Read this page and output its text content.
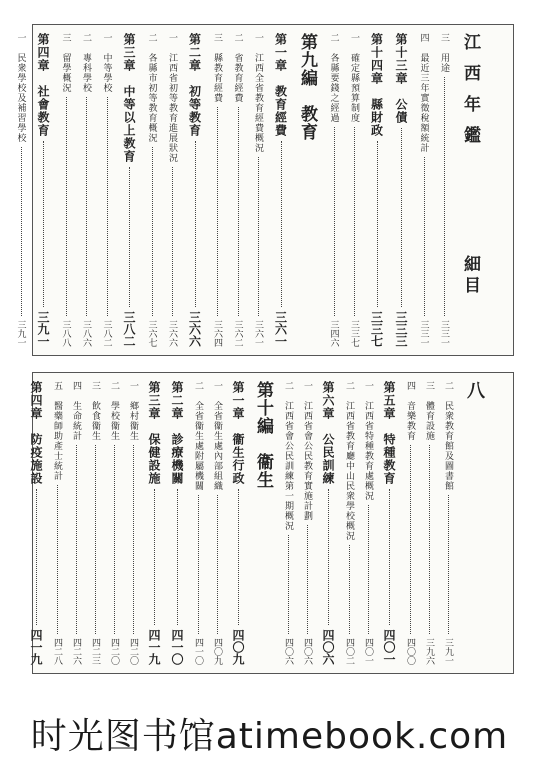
江西年鑑
細目
三　用途
三三一
四　最近三年實徵稅額統計
三三一
第十三章　公債
三三三
第十四章　縣財政
三三七
一　確定縣預算制度
三三七
二　各縣要錢之經過
三四六
第九編　教育
第一章　教育經費
三六一
一　江西全省教育經費概況
三六一
二　省教育經費
三六二
三　縣教育經費
三六四
第二章　初等教育
三六六
一　江西省初等教育進展狀況
三六六
二　各縣市初等教育概況
三六七
第三章　中等以上教育
三八二
一　中等學校
三八二
二　專科學校
三八六
三　留學概況
三八八
第四章　社會教育
三九一
一　民衆學校及補習學校
三九一
八
二　民衆教育館及圖書館
三九一
三　體育設施
三九六
四　音樂教育
四〇〇
第五章　特種教育
四〇一
一　江西省特種教育處概況
四〇一
二　江西省教育廳中山民衆學校概況
四〇二
第六章　公民訓練
四〇六
一　江西省會公民教育實施計劃
四〇六
二　江西省會公民訓練第一期概況
四〇六
第十編　衞生
第一章　衞生行政
四〇九
一　全省衞生處內部組織
四〇九
二　全省衞生處附屬機關
四一〇
第二章　診療機關
四一〇
第三章　保健設施
四一九
一　鄉村衞生
四二〇
二　學校衞生
四二〇
三　飲食衞生
四二三
四　生命統計
四二六
五　醫藥師助產士統計
四二八
第四章　防疫施設
四一九
时光图书馆atimebook.com
